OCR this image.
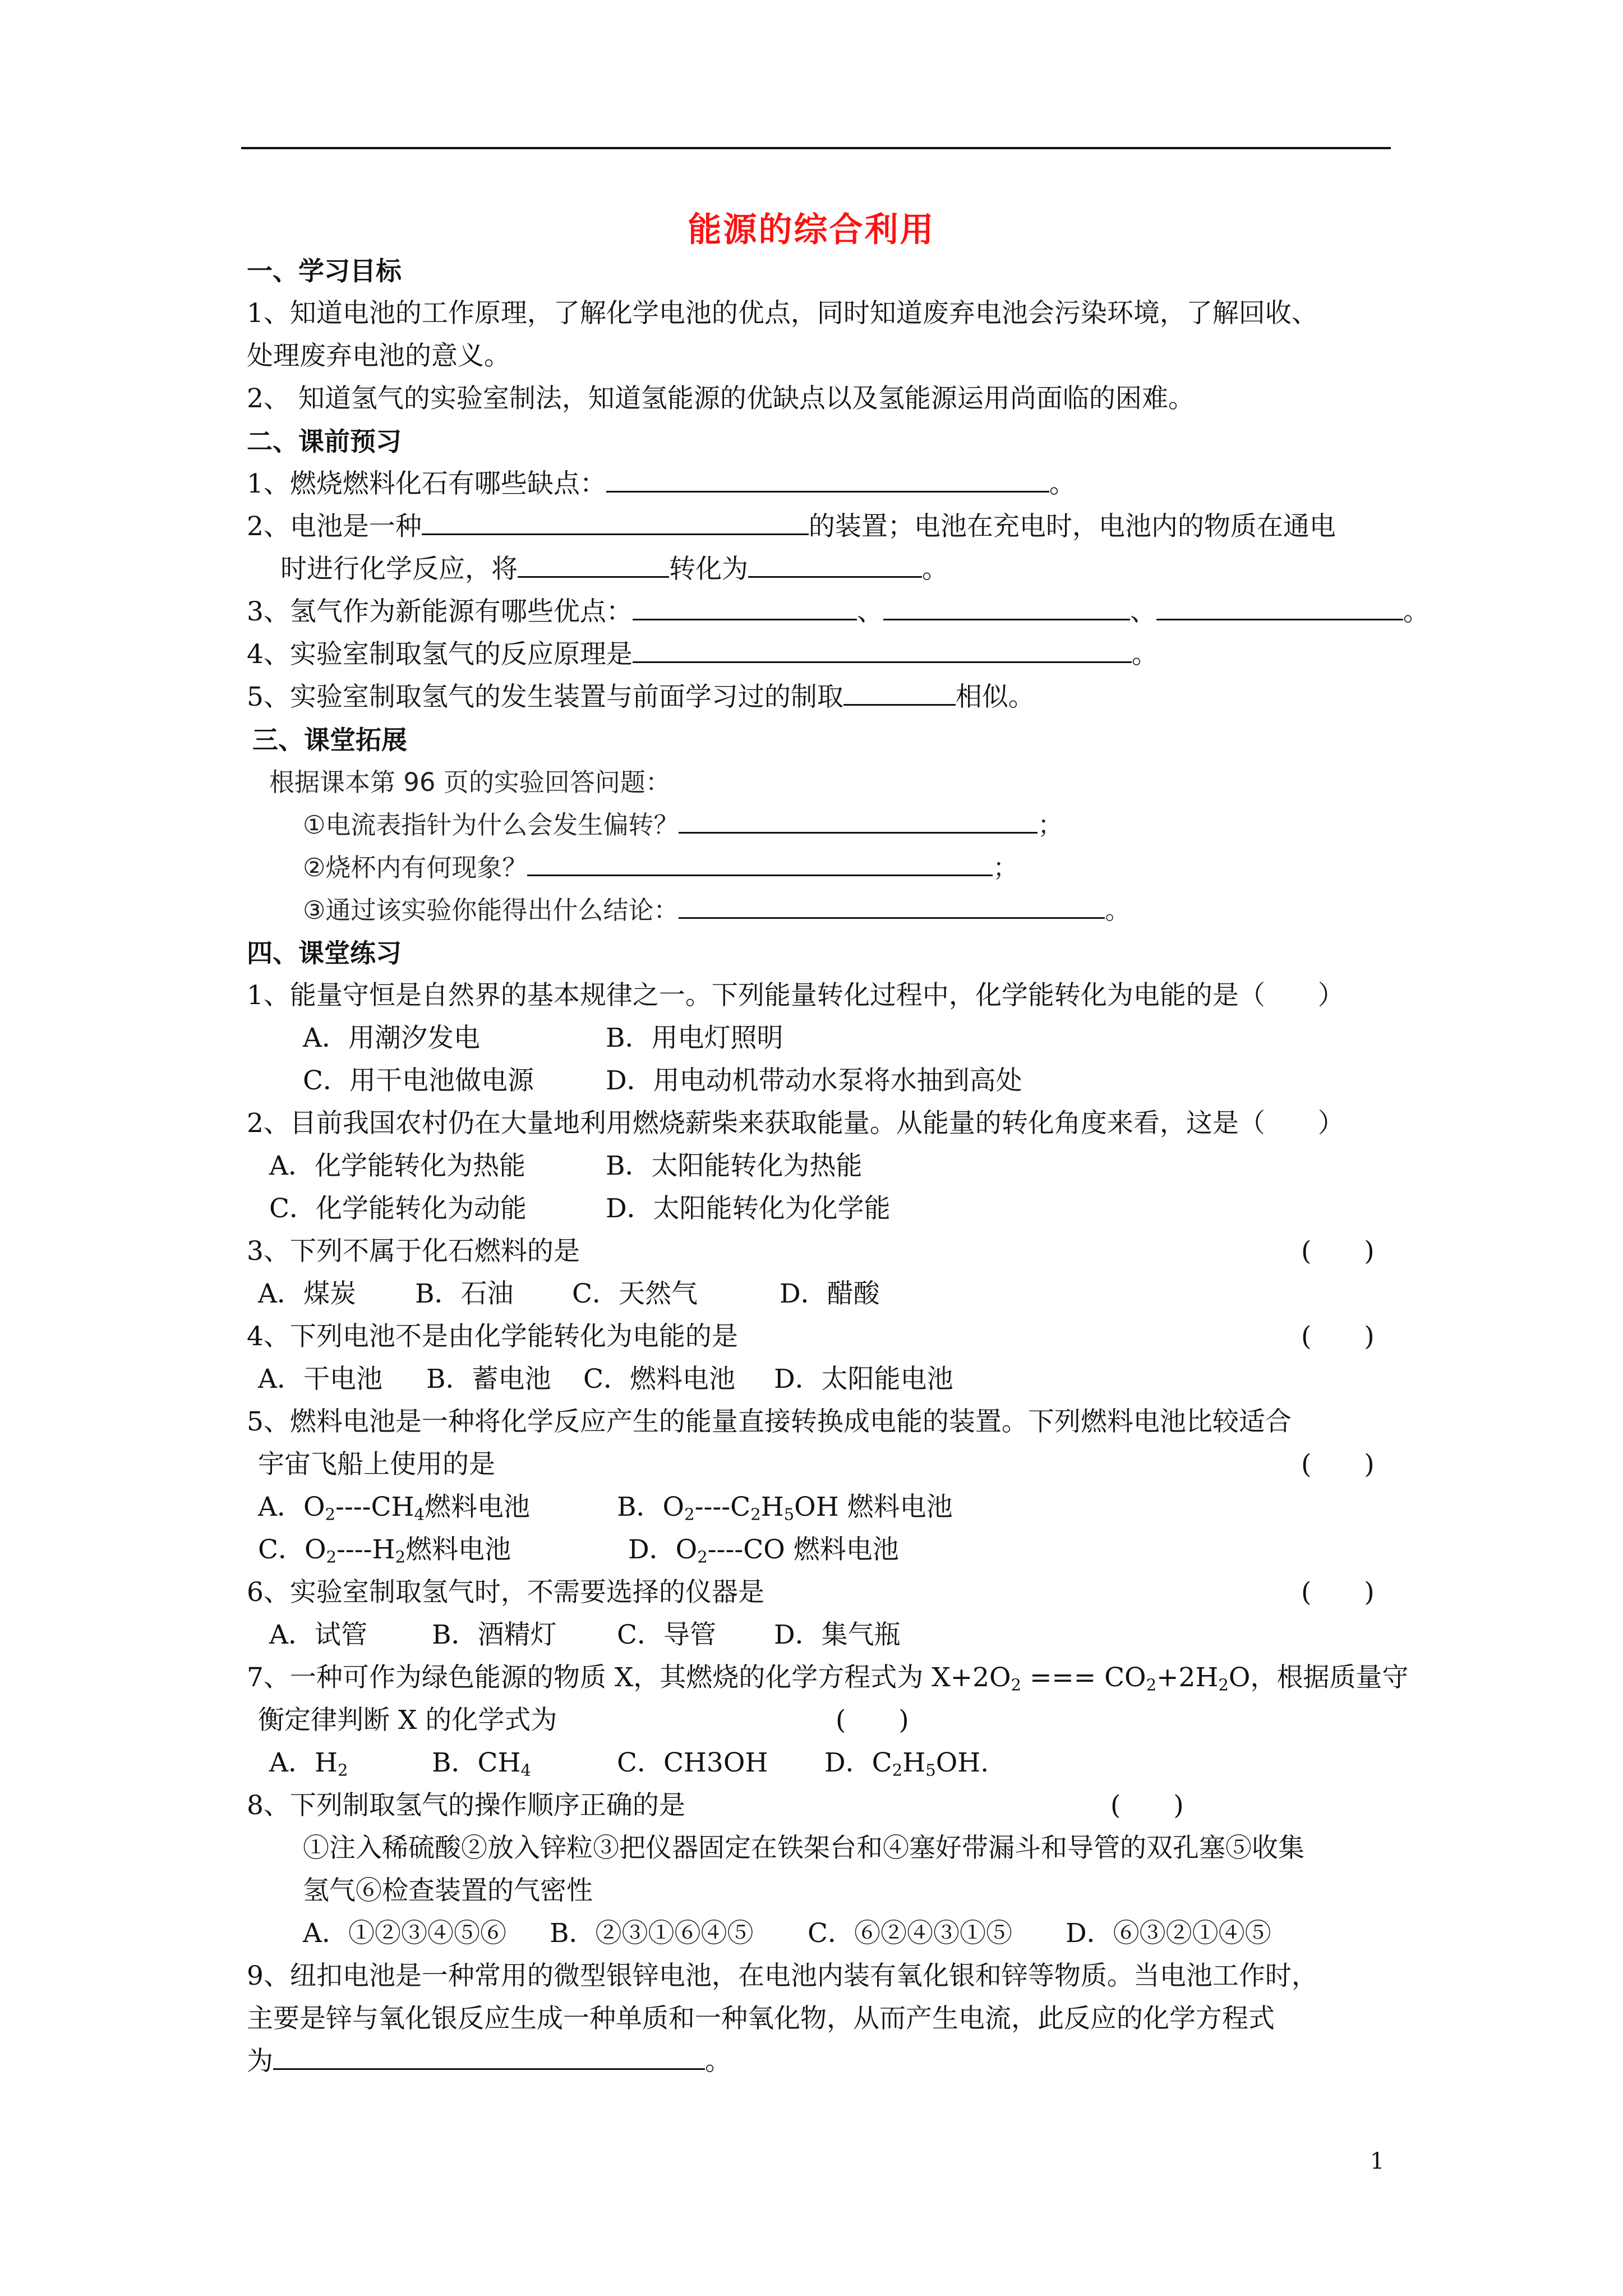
能源的综合利用
一、学习目标
1、知道电池的工作原理，了解化学电池的优点，同时知道废弃电池会污染环境，了解回收、
处理废弃电池的意义。
2、 知道氢气的实验室制法，知道氢能源的优缺点以及氢能源运用尚面临的困难。
二、课前预习
1、燃烧燃料化石有哪些缺点：	。
2、电池是一种	的装置；电池在充电时，电池内的物质在通电
时进行化学反应，将	转化为	。
3、氢气作为新能源有哪些优点：	、	、	。
4、实验室制取氢气的反应原理是	。
5、实验室制取氢气的发生装置与前面学习过的制取	相似。
三、课堂拓展
根据课本第 96 页的实验回答问题：
①电流表指针为什么会发生偏转？	；
②烧杯内有何现象？	；
③通过该实验你能得出什么结论：	。
四、课堂练习
1、能量守恒是自然界的基本规律之一。下列能量转化过程中，化学能转化为电能的是（　　）
A．用潮汐发电	B．用电灯照明
C．用干电池做电源	D．用电动机带动水泵将水抽到高处
2、目前我国农村仍在大量地利用燃烧薪柴来获取能量。从能量的转化角度来看，这是（　　）
A．化学能转化为热能	B．太阳能转化为热能
C．化学能转化为动能	D．太阳能转化为化学能
3、下列不属于化石燃料的是	(　　)
A．煤炭 B．石油 C．天然气	D．醋酸
4、下列电池不是由化学能转化为电能的是	(　　)
A．干电池 B．蓄电池 C．燃料电池 D．太阳能电池
5、燃料电池是一种将化学反应产生的能量直接转换成电能的装置。下列燃料电池比较适合
宇宙飞船上使用的是	(　　)
A．$O_2----CH_4$燃料电池	B．$O_2----C_2H_5OH$ 燃料电池
C．$O_2----H_2$燃料电池	D．$O_2----CO$ 燃料电池
6、实验室制取氢气时，不需要选择的仪器是	(　　)
A．试管 B．酒精灯 C．导管 D．集气瓶
7、一种可作为绿色能源的物质 X，其燃烧的化学方程式为 $X+2O_2$ === $CO_2+2H_2O$，根据质量守
衡定律判断 X 的化学式为	(　　)
A．$H_2$	B．$CH_4$	C．CH3OH D．$C_2H_5OH$.
8、下列制取氢气的操作顺序正确的是	(　　)
①注入稀硫酸②放入锌粒③把仪器固定在铁架台和④塞好带漏斗和导管的双孔塞⑤收集
氢气⑥检查装置的气密性
A．①②③④⑤⑥ B．②③①⑥④⑤ C．⑥②④③①⑤ D．⑥③②①④⑤
9、纽扣电池是一种常用的微型银锌电池，在电池内装有氧化银和锌等物质。当电池工作时，
主要是锌与氧化银反应生成一种单质和一种氧化物，从而产生电流，此反应的化学方程式
为	。
1
